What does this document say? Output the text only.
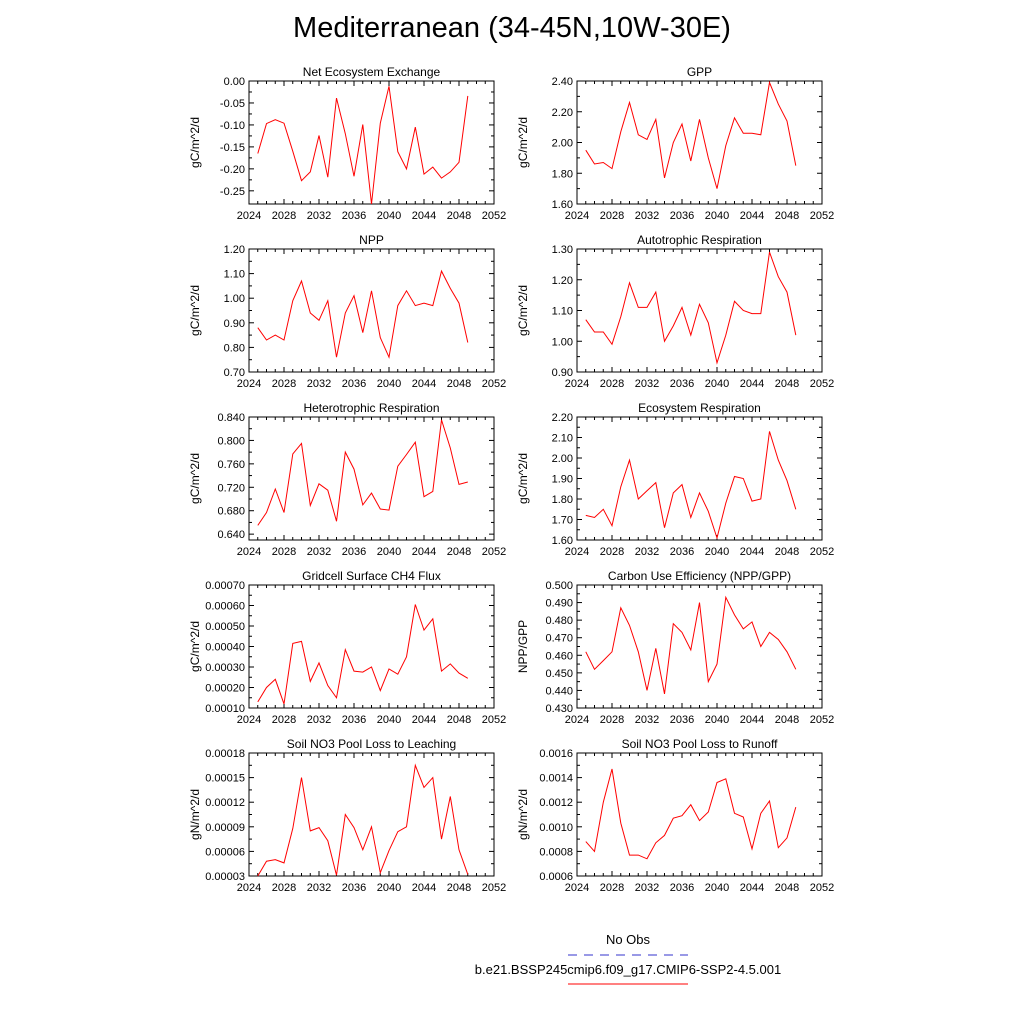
Mediterranean (34-45N,10W-30E)
Net Ecosystem Exchange
gC/m^2/d
2024 2028 2032 2036 2040 2044 2048 2052
0.00
-0.05
-0.10
-0.15
-0.20
-0.25
GPP
gC/m^2/d
2024 2028 2032 2036 2040 2044 2048 2052
2.40
2.20
2.00
1.80
1.60
NPP
gC/m^2/d
2024 2028 2032 2036 2040 2044 2048 2052
1.20
1.10
1.00
0.90
0.80
0.70
Autotrophic Respiration
gC/m^2/d
2024 2028 2032 2036 2040 2044 2048 2052
1.30
1.20
1.10
1.00
0.90
Heterotrophic Respiration
gC/m^2/d
2024 2028 2032 2036 2040 2044 2048 2052
0.840
0.800
0.760
0.720
0.680
0.640
Ecosystem Respiration
gC/m^2/d
2024 2028 2032 2036 2040 2044 2048 2052
2.20
2.10
2.00
1.90
1.80
1.70
1.60
Gridcell Surface CH4 Flux
gC/m^2/d
2024 2028 2032 2036 2040 2044 2048 2052
0.00070
0.00060
0.00050
0.00040
0.00030
0.00020
0.00010
Carbon Use Efficiency (NPP/GPP)
NPP/GPP
2024 2028 2032 2036 2040 2044 2048 2052
0.500
0.490
0.480
0.470
0.460
0.450
0.440
0.430
Soil NO3 Pool Loss to Leaching
gN/m^2/d
2024 2028 2032 2036 2040 2044 2048 2052
0.00018
0.00015
0.00012
0.00009
0.00006
0.00003
Soil NO3 Pool Loss to Runoff
gN/m^2/d
2024 2028 2032 2036 2040 2044 2048 2052
0.0016
0.0014
0.0012
0.0010
0.0008
0.0006
No Obs
b.e21.BSSP245cmip6.f09_g17.CMIP6-SSP2-4.5.001
